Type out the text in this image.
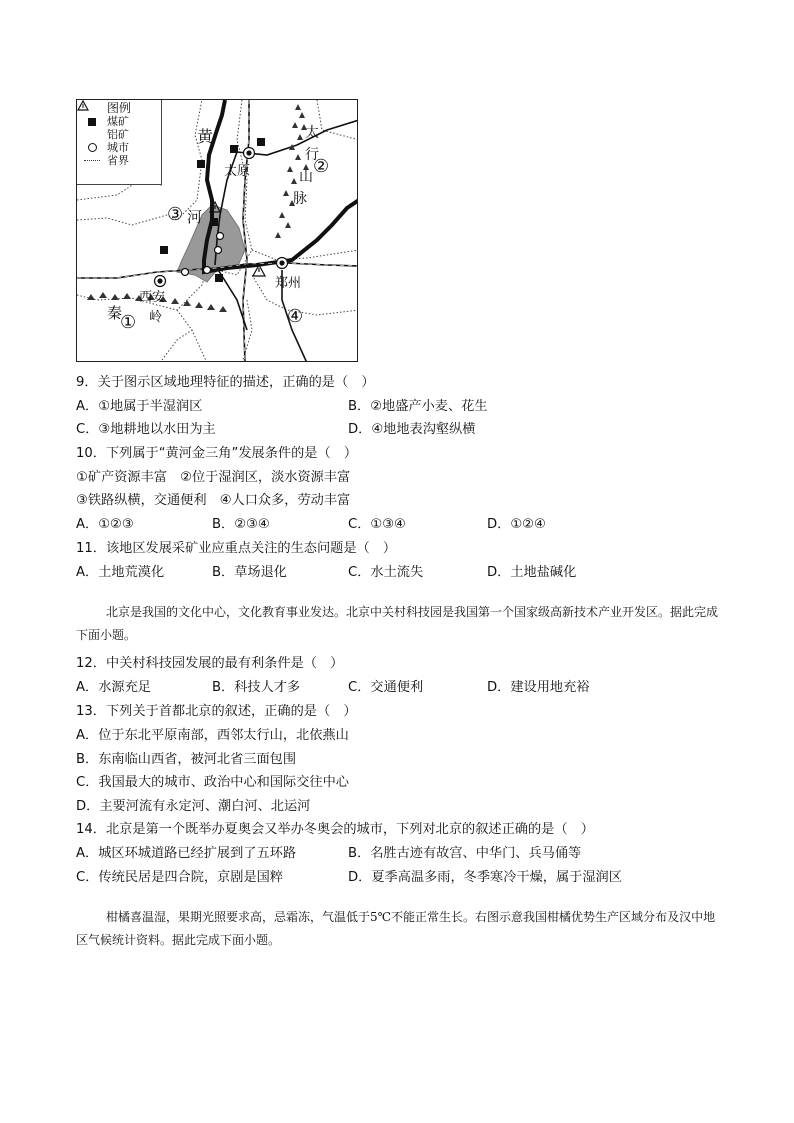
图例
煤矿
铝矿
城市
省界
黄
河
太
行
山
脉
太原
郑州
西安
秦 岭
①
②
③
④
9．关于图示区域地理特征的描述，正确的是（　）
A．①地属于半湿润区	B．②地盛产小麦、花生
C．③地耕地以水田为主	D．④地地表沟壑纵横
10．下列属于“黄河金三角”发展条件的是（　）
①矿产资源丰富　②位于湿润区，淡水资源丰富
③铁路纵横，交通便利　④人口众多，劳动丰富
A．①②③	B．②③④	C．①③④	D．①②④
11．该地区发展采矿业应重点关注的生态问题是（　）
A．土地荒漠化	B．草场退化	C．水土流失	D．土地盐碱化
北京是我国的文化中心，文化教育事业发达。北京中关村科技园是我国第一个国家级高新技术产业开发区。据此完成下面小题。
12．中关村科技园发展的最有利条件是（　）
A．水源充足	B．科技人才多	C．交通便利	D．建设用地充裕
13．下列关于首都北京的叙述，正确的是（　）
A．位于东北平原南部，西邻太行山，北依燕山
B．东南临山西省，被河北省三面包围
C．我国最大的城市、政治中心和国际交往中心
D．主要河流有永定河、潮白河、北运河
14．北京是第一个既举办夏奥会又举办冬奥会的城市，下列对北京的叙述正确的是（　）
A．城区环城道路已经扩展到了五环路	B．名胜古迹有故宫、中华门、兵马俑等
C．传统民居是四合院，京剧是国粹	D．夏季高温多雨，冬季寒冷干燥，属于湿润区
柑橘喜温湿，果期光照要求高，忌霜冻，气温低于5℃不能正常生长。右图示意我国柑橘优势生产区域分布及汉中地区气候统计资料。据此完成下面小题。
